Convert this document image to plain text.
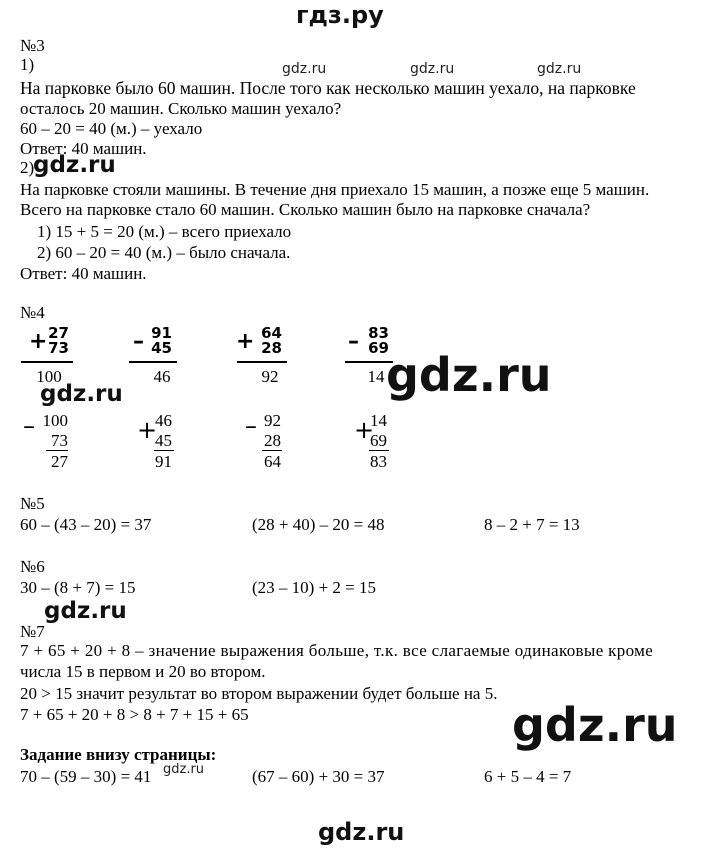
гдз.ру
№3
1)
На парковке было 60 машин. После того как несколько машин уехало, на парковке
осталось 20 машин. Сколько машин уехало?
60 – 20 = 40 (м.) – уехало
Ответ: 40 машин.
2)
На парковке стояли машины. В течение дня приехало 15 машин, а позже еще 5 машин.
Всего на парковке стало 60 машин. Сколько машин было на парковке сначала?
1) 15 + 5 = 20 (м.) – всего приехало
2) 60 – 20 = 40 (м.) – было сначала.
Ответ: 40 машин.
№4
+ 27
73
100
– 91
45
46
+ 64
28
92
– 83
69
14
– 100
73
27
+
46
45
91
– 92
28
64
+
14
69
83
№5
60 – (43 – 20) = 37	(28 + 40) – 20 = 48	8 – 2 + 7 = 13
№6
30 – (8 + 7) = 15	(23 – 10) + 2 = 15
№7
7 + 65 + 20 + 8 – значение выражения больше, т.к. все слагаемые одинаковые кроме
числа 15 в первом и 20 во втором.
20 > 15 значит результат во втором выражении будет больше на 5.
7 + 65 + 20 + 8 > 8 + 7 + 15 + 65
Задание внизу страницы:
70 – (59 – 30) = 41	(67 – 60) + 30 = 37	6 + 5 – 4 = 7
gdz.ru	gdz.ru	gdz.ru
gdz.ru
gdz.ru
gdz.ru
gdz.ru
gdz.ru
gdz.ru
gdz.ru
